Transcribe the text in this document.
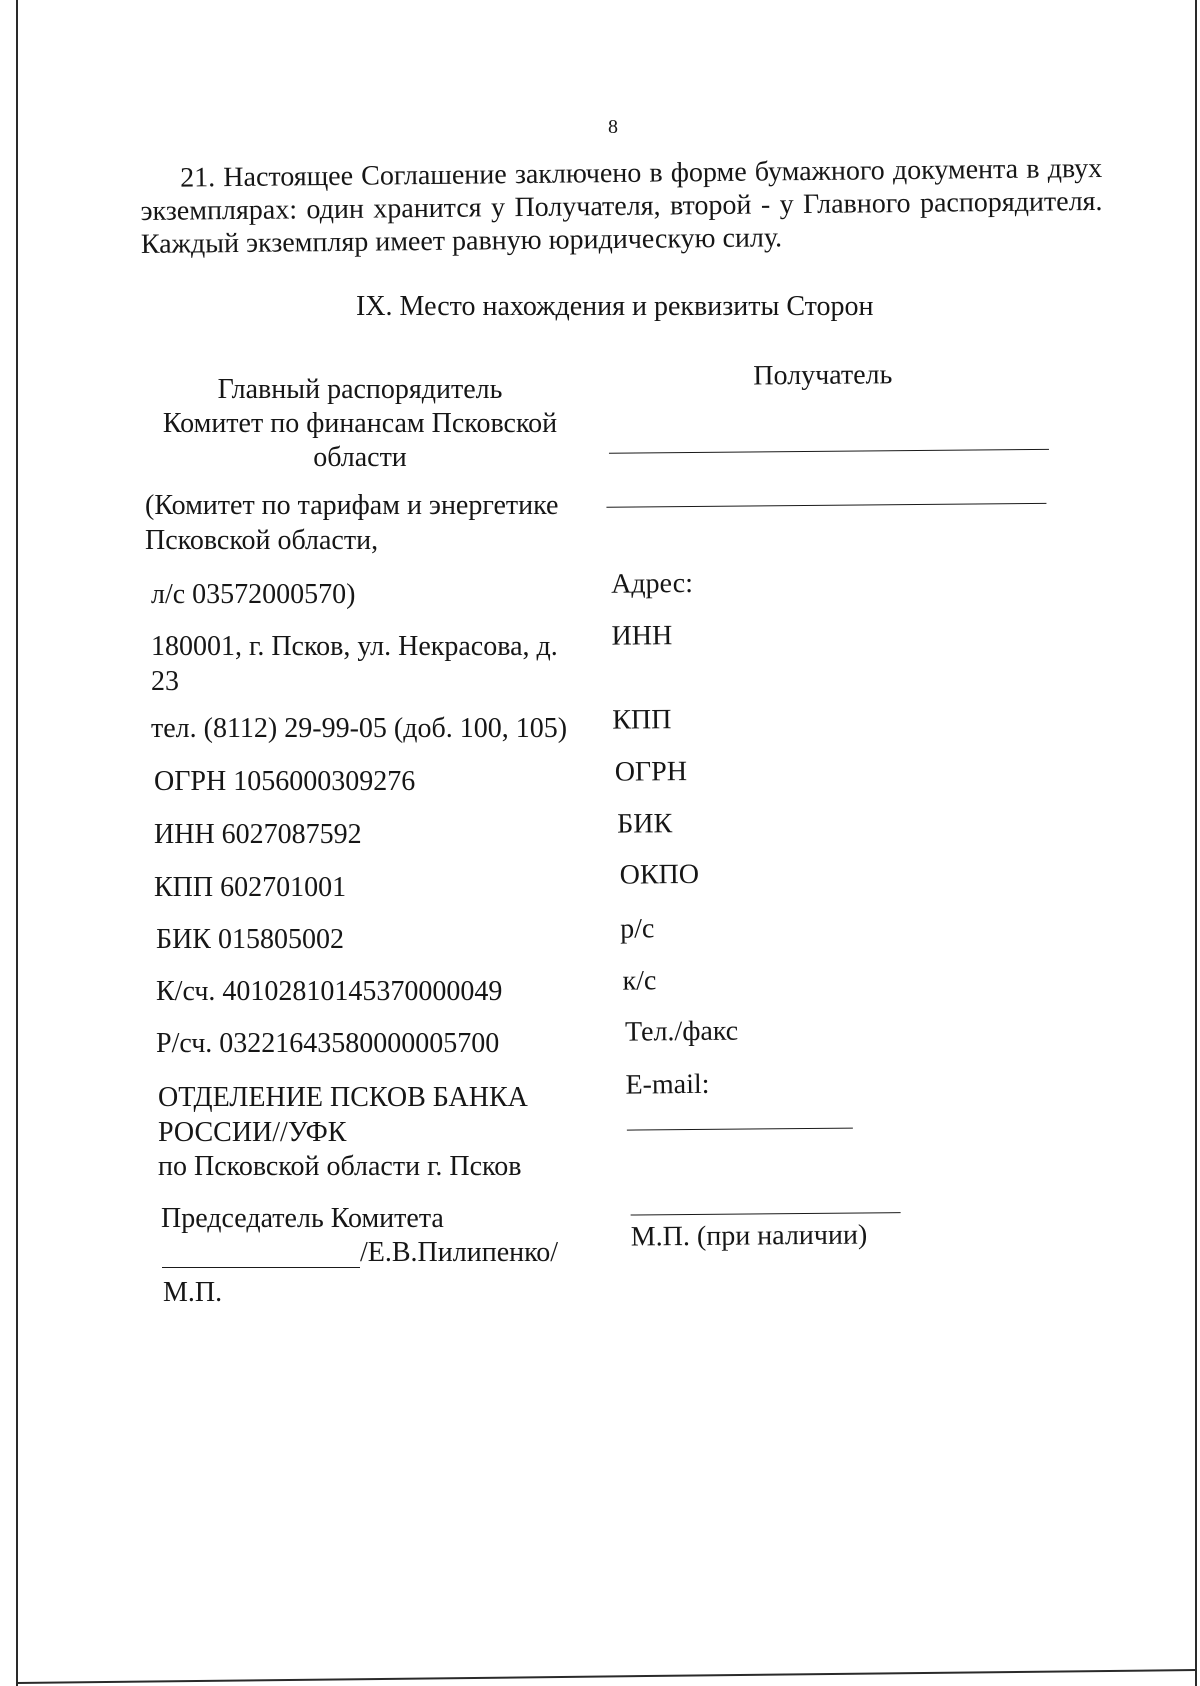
8
21. Настоящее Соглашение заключено в форме бумажного документа в двух экземплярах: один хранится у Получателя, второй - у Главного распорядителя. Каждый экземпляр имеет равную юридическую силу.
IX. Место нахождения и реквизиты Сторон
Главный распорядитель
Комитет по финансам Псковской
области
(Комитет по тарифам и энергетике
Псковской области,
л/с 03572000570)
180001, г. Псков, ул. Некрасова, д.
23
тел. (8112) 29-99-05 (доб. 100, 105)
ОГРН 1056000309276
ИНН 6027087592
КПП 602701001
БИК 015805002
К/сч. 40102810145370000049
Р/сч. 03221643580000005700
ОТДЕЛЕНИЕ ПСКОВ БАНКА
РОССИИ//УФК
по Псковской области г. Псков
Председатель Комитета
/Е.В.Пилипенко/
М.П.
Получатель
Адрес:
ИНН
КПП
ОГРН
БИК
ОКПО
р/с
к/с
Тел./факс
E-mail:
М.П. (при наличии)
